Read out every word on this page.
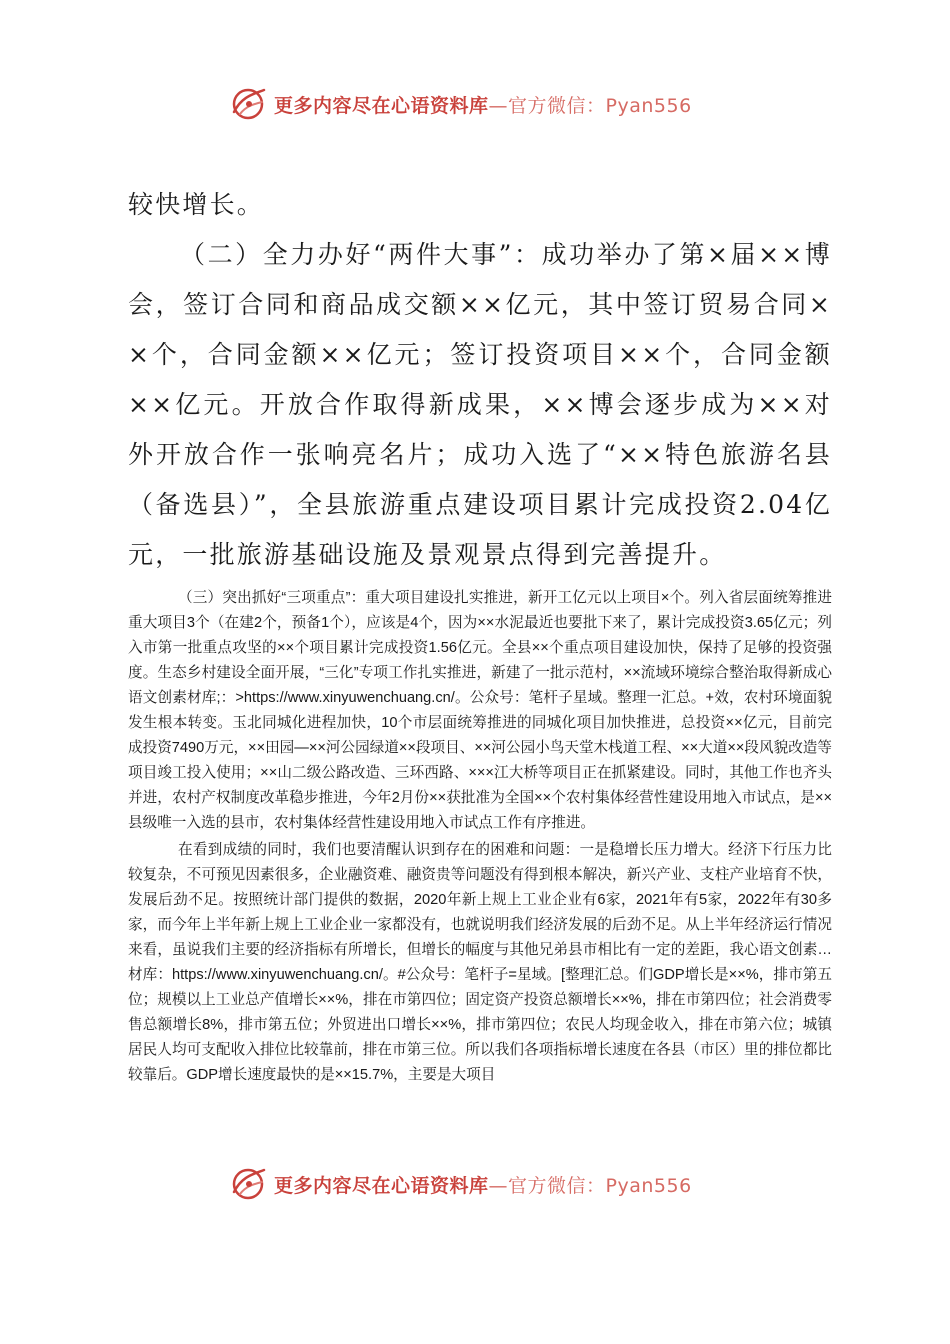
更多内容尽在心语资料库—官方微信：Pyan556

较快增长。

（二）全力办好“两件大事”：成功举办了第×届××博会，签订合同和商品成交额××亿元，其中签订贸易合同××个，合同金额××亿元；签订投资项目××个，合同金额××亿元。开放合作取得新成果，××博会逐步成为××对外开放合作一张响亮名片；成功入选了“××特色旅游名县（备选县）”，全县旅游重点建设项目累计完成投资2.04亿元，一批旅游基础设施及景观景点得到完善提升。

（三）突出抓好“三项重点”：重大项目建设扎实推进，新开工亿元以上项目×个。列入省层面统筹推进重大项目3个（在建2个，预备1个），应该是4个，因为××水泥最近也要批下来了，累计完成投资3.65亿元；列入市第一批重点攻坚的××个项目累计完成投资1.56亿元。全县××个重点项目建设加快，保持了足够的投资强度。生态乡村建设全面开展，“三化”专项工作扎实推进，新建了一批示范村，××流域环境综合整治取得新成心语文创素材库;：>https://www.xinyuwenchuang.cn/。公众号：笔杆子星域。整理一汇总。+效，农村环境面貌发生根本转变。玉北同城化进程加快，10个市层面统筹推进的同城化项目加快推进，总投资××亿元，目前完成投资7490万元，××田园—××河公园绿道××段项目、××河公园小鸟天堂木栈道工程、××大道××段风貌改造等项目竣工投入使用；××山二级公路改造、三环西路、×××江大桥等项目正在抓紧建设。同时，其他工作也齐头并进，农村产权制度改革稳步推进，今年2月份××获批准为全国××个农村集体经营性建设用地入市试点，是××县级唯一入选的县市，农村集体经营性建设用地入市试点工作有序推进。

在看到成绩的同时，我们也要清醒认识到存在的困难和问题：一是稳增长压力增大。经济下行压力比较复杂，不可预见因素很多，企业融资难、融资贵等问题没有得到根本解决，新兴产业、支柱产业培育不快，发展后劲不足。按照统计部门提供的数据，2020年新上规上工业企业有6家，2021年有5家，2022年有30多家，而今年上半年新上规上工业企业一家都没有，也就说明我们经济发展的后劲不足。从上半年经济运行情况来看，虽说我们主要的经济指标有所增长，但增长的幅度与其他兄弟县市相比有一定的差距，我心语文创素…材库：https://www.xinyuwenchuang.cn/。#公众号：笔杆子=星域。[整理汇总。们GDP增长是××%，排市第五位；规模以上工业总产值增长××%，排在市第四位；固定资产投资总额增长××%，排在市第四位；社会消费零售总额增长8%，排市第五位；外贸进出口增长××%，排市第四位；农民人均现金收入，排在市第六位；城镇居民人均可支配收入排位比较靠前，排在市第三位。所以我们各项指标增长速度在各县（市区）里的排位都比较靠后。GDP增长速度最快的是××15.7%，主要是大项目

更多内容尽在心语资料库—官方微信：Pyan556
